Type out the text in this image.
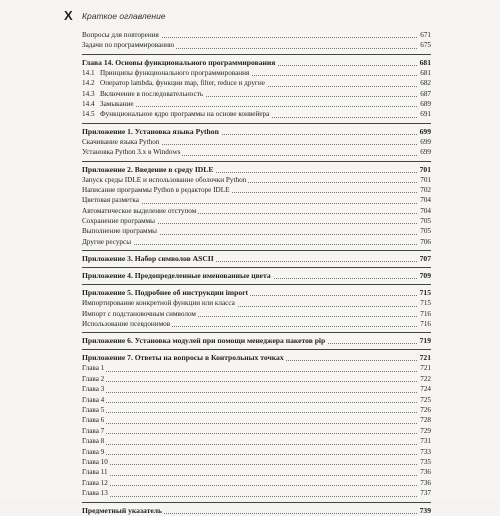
X Краткое оглавление
Вопросы для повторения	671
Задачи по программированию	675
Глава 14. Основы функционального программирования	681
14.1 Принципы функционального программирования	681
14.2 Оператор lambda, функции map, filter, reduce и другие	682
14.3 Включение в последовательность	687
14.4 Замыкание	689
14.5 Функциональное ядро программы на основе конвейера	691
Приложение 1. Установка языка Python	699
Скачивание языка Python	699
Установка Python 3.x в Windows	699
Приложение 2. Введение в среду IDLE	701
Запуск среды IDLE и использование оболочки Python	701
Написание программы Python в редакторе IDLE	702
Цветовая разметка	704
Автоматическое выделение отступом	704
Сохранение программы	705
Выполнение программы	705
Другие ресурсы	706
Приложение 3. Набор символов ASCII	707
Приложение 4. Предопределенные именованные цвета	709
Приложение 5. Подробнее об инструкции import	715
Импортирование конкретной функции или класса	715
Импорт с подстановочным символом	716
Использование псевдонимов	716
Приложение 6. Установка модулей при помощи менеджера пакетов pip	719
Приложение 7. Ответы на вопросы в Контрольных точках	721
Глава 1	721
Глава 2	722
Глава 3	724
Глава 4	725
Глава 5	726
Глава 6	728
Глава 7	729
Глава 8	731
Глава 9	733
Глава 10	735
Глава 11	736
Глава 12	736
Глава 13	737
Предметный указатель	739
